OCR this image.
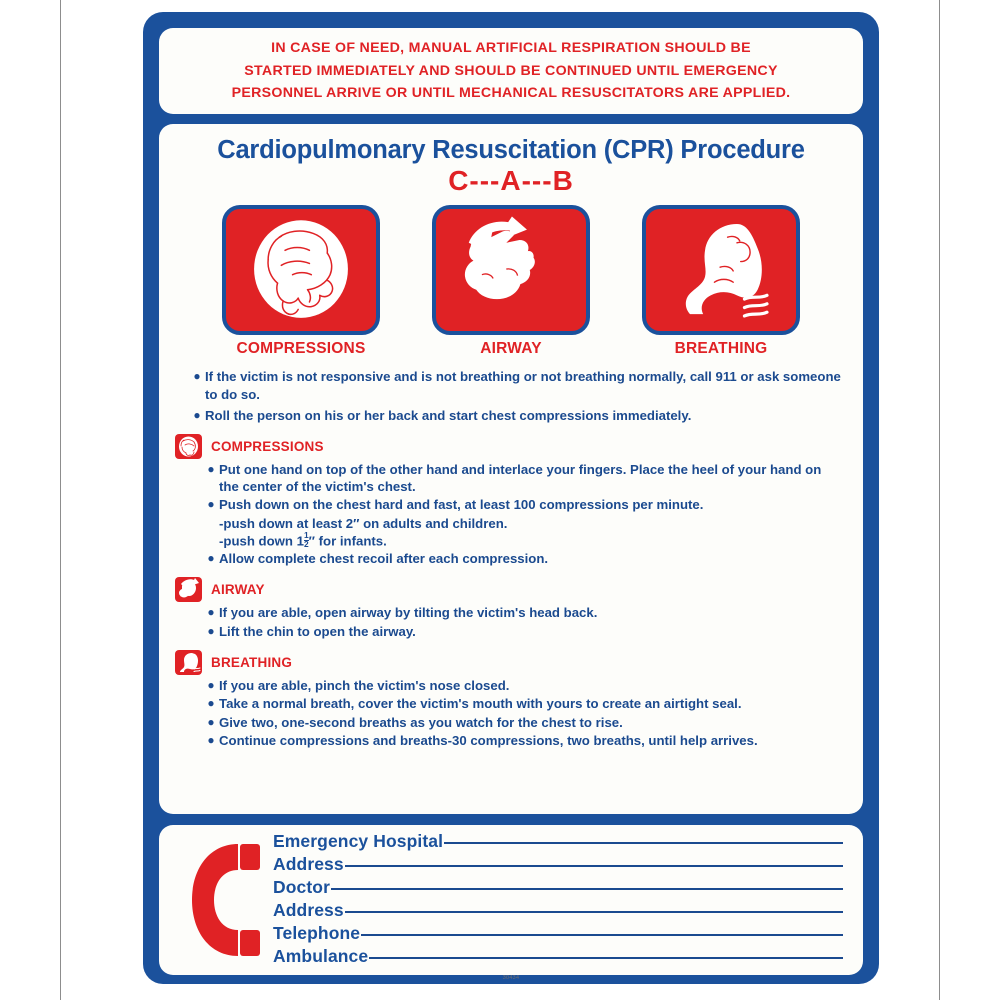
IN CASE OF NEED, MANUAL ARTIFICIAL RESPIRATION SHOULD BE
STARTED IMMEDIATELY AND SHOULD BE CONTINUED UNTIL EMERGENCY
PERSONNEL ARRIVE OR UNTIL MECHANICAL RESUSCITATORS ARE APPLIED.
Cardiopulmonary Resuscitation (CPR) Procedure
C---A---B
COMPRESSIONS	AIRWAY	BREATHING
● If the victim is not responsive and is not breathing or not breathing normally, call 911 or ask someone to do so.
● Roll the person on his or her back and start chest compressions immediately.
COMPRESSIONS
● Put one hand on top of the other hand and interlace your fingers. Place the heel of your hand on the center of the victim's chest.
● Push down on the chest hard and fast, at least 100 compressions per minute.
-push down at least 2″ on adults and children.
-push down $1 \frac{1}{2}$ ″ for infants.
● Allow complete chest recoil after each compression.
AIRWAY
● If you are able, open airway by tilting the victim's head back.
● Lift the chin to open the airway.
BREATHING
● If you are able, pinch the victim's nose closed.
● Take a normal breath, cover the victim's mouth with yours to create an airtight seal.
● Give two, one-second breaths as you watch for the chest to rise.
● Continue compressions and breaths-30 compressions, two breaths, until help arrives.
Emergency Hospital
Address
Doctor
Address
Telephone
Ambulance
30434
